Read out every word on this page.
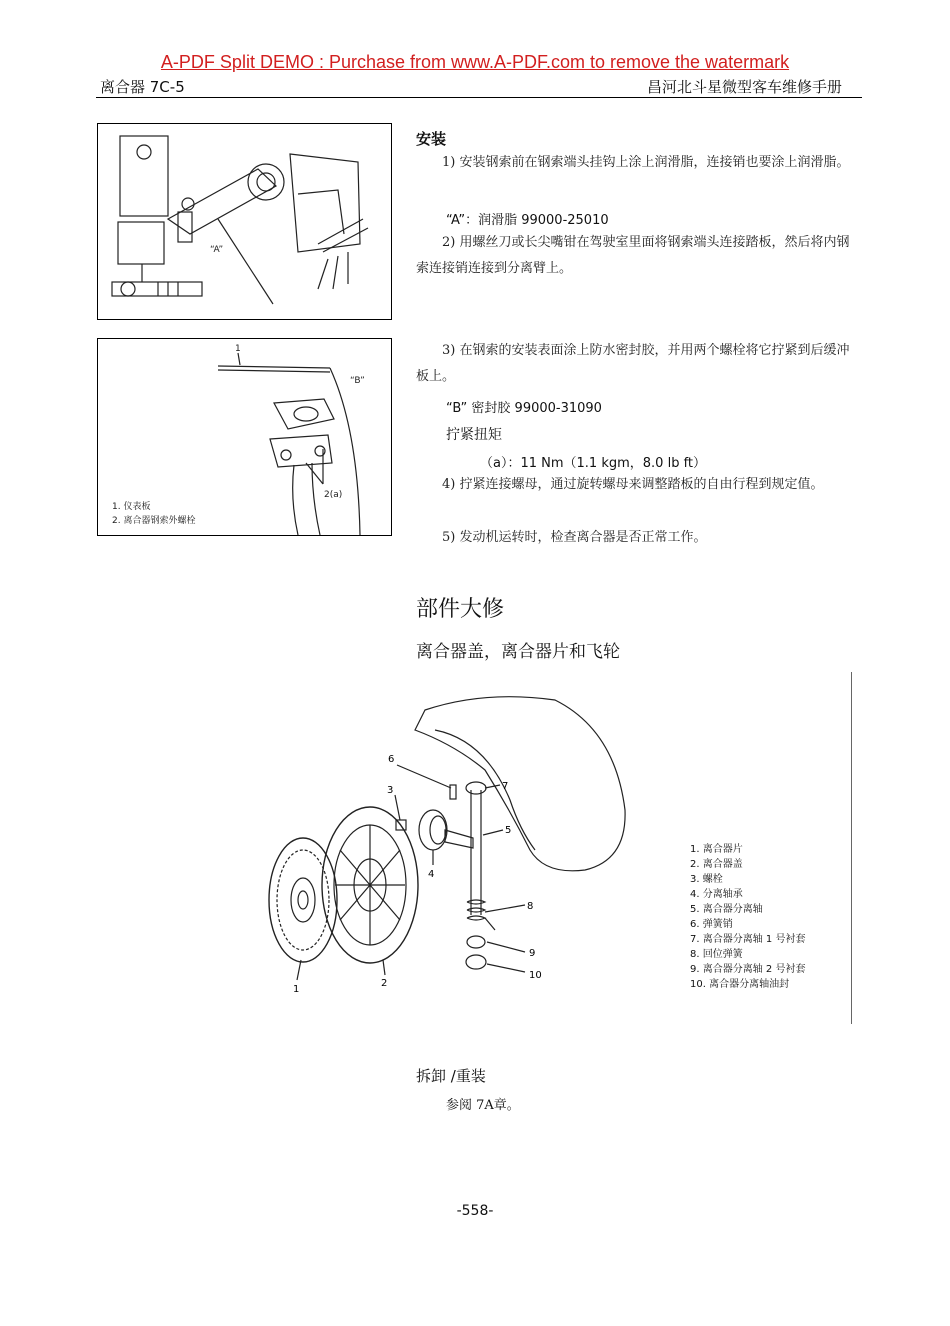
A-PDF Split DEMO : Purchase from www.A-PDF.com to remove the watermark
离合器 7C-5	昌河北斗星微型客车维修手册
“A”
1
“B”
2(a)
1. 仪表板
2. 离合器钢索外螺栓
安装
1) 安装钢索前在钢索端头挂钩上涂上润滑脂，连接销也要涂上润滑脂。
“A”：润滑脂 99000-25010
2) 用螺丝刀或长尖嘴钳在驾驶室里面将钢索端头连接踏板，然后将内钢索连接销连接到分离臂上。
3) 在钢索的安装表面涂上防水密封胶，并用两个螺栓将它拧紧到后缓冲板上。
“B” 密封胶 99000-31090
拧紧扭矩
（a）：11 Nm（1.1 kgm，8.0 lb ft）
4) 拧紧连接螺母，通过旋转螺母来调整踏板的自由行程到规定值。
5) 发动机运转时，检查离合器是否正常工作。
部件大修
离合器盖，离合器片和飞轮
1
2
3
4
5
6
7
8
9
10
1. 离合器片
2. 离合器盖
3. 螺栓
4. 分离轴承
5. 离合器分离轴
6. 弹簧销
7. 离合器分离轴 1 号衬套
8. 回位弹簧
9. 离合器分离轴 2 号衬套
10. 离合器分离轴油封
拆卸 /重装
参阅 7A章。
-558-
